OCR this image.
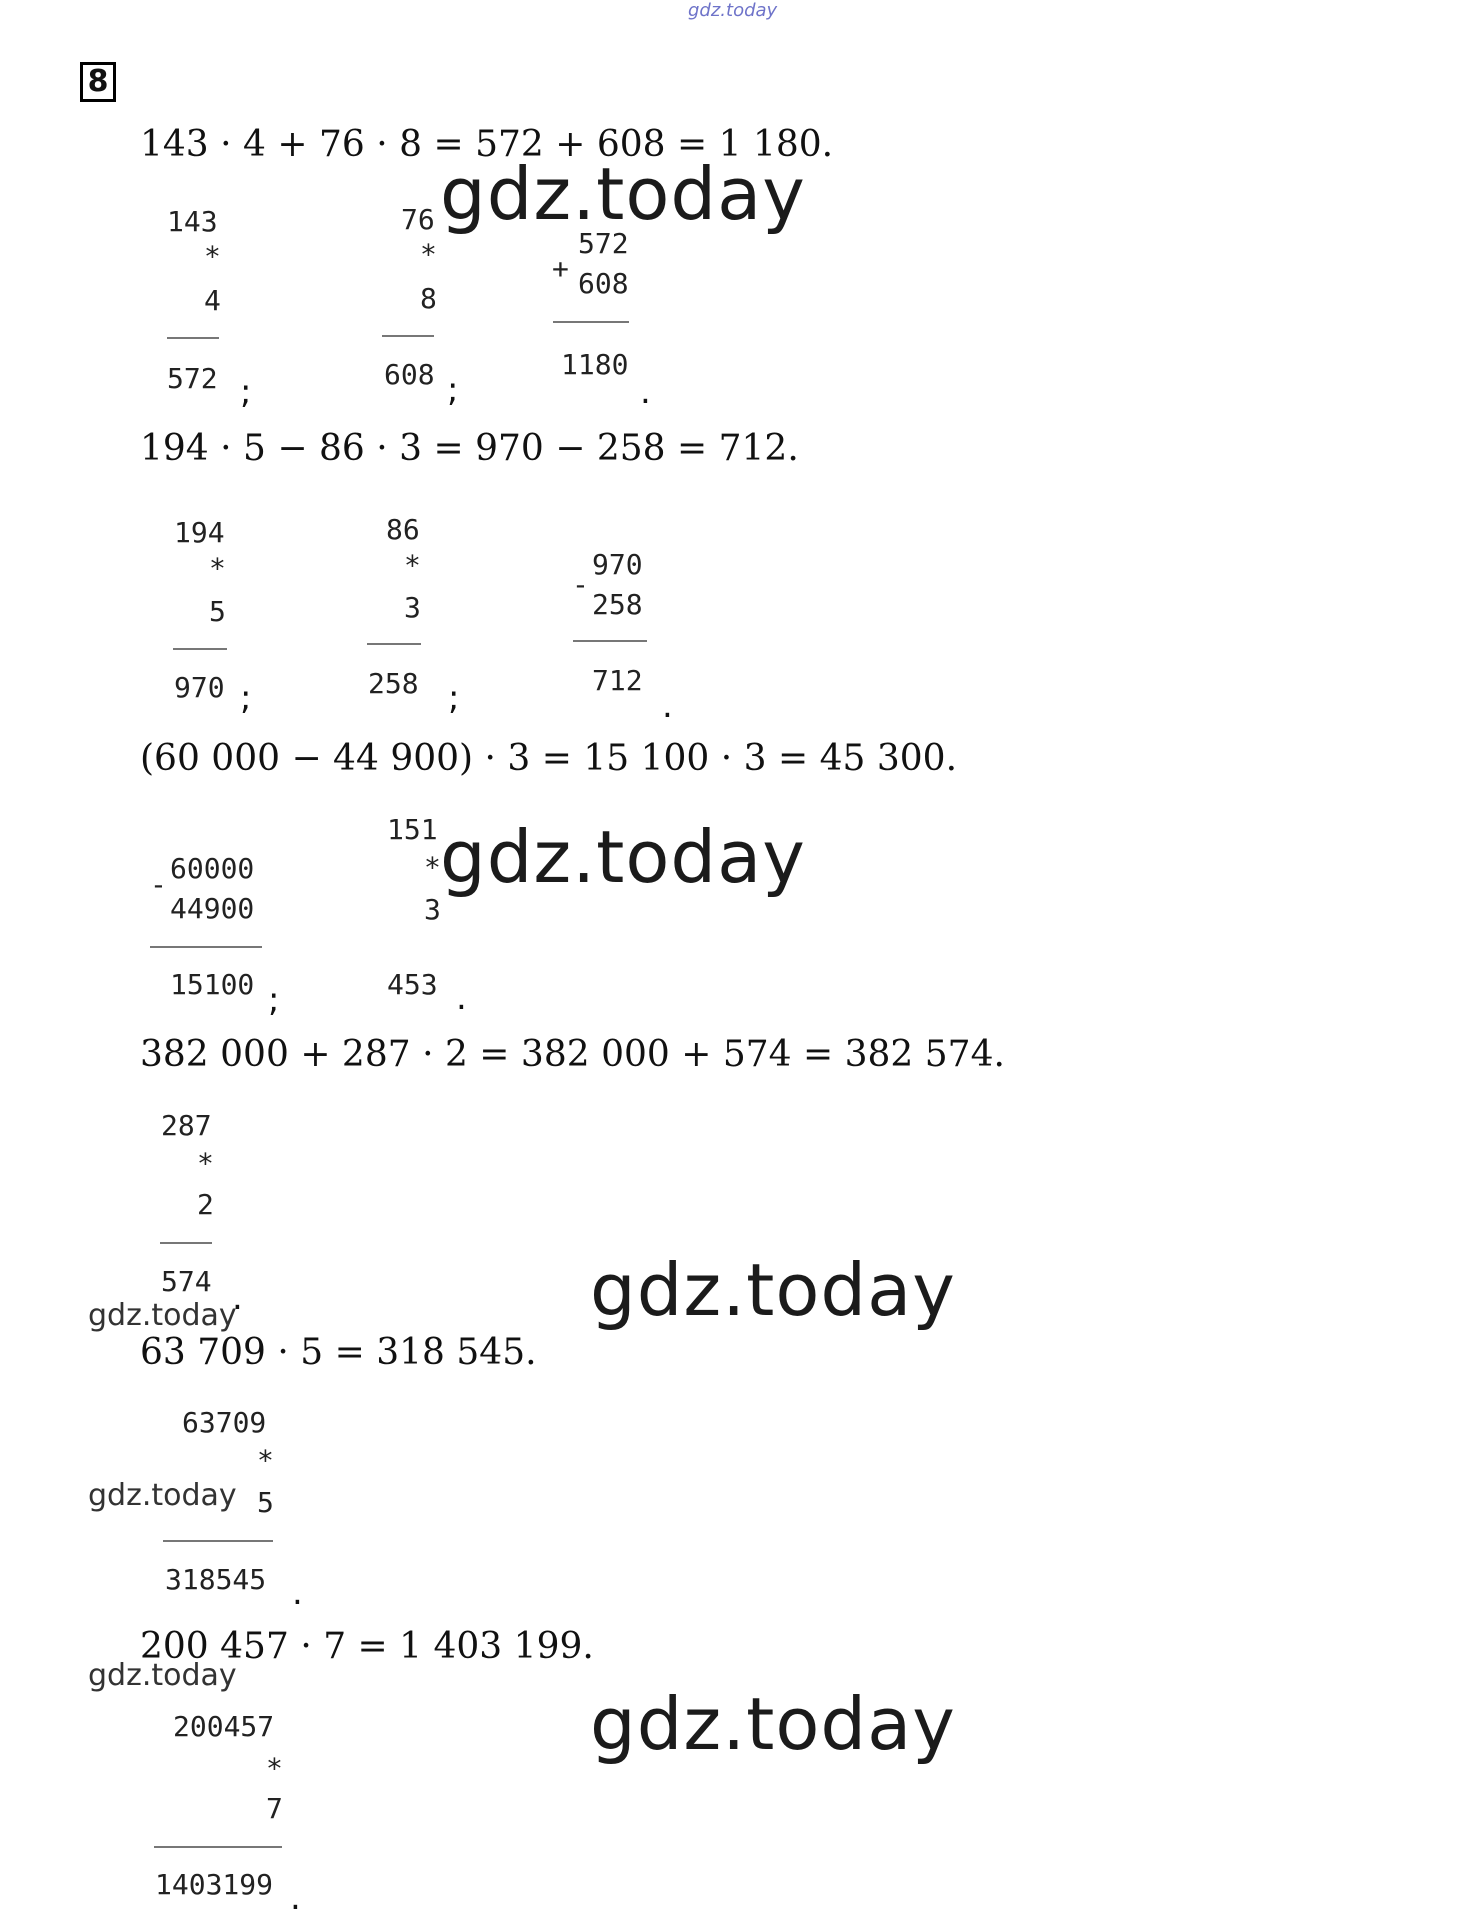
gdz.today
8
143 · 4 + 76 · 8 = 572 + 608 = 1 180.
143
*
4
572 ;
76
*
8
608 ;
+
572
608
1180
.
194 · 5 − 86 · 3 = 970 − 258 = 712.
194
*
5
970 ;
86
*
3
258 ;
-
970
258
712
.
(60 000 − 44 900) · 3 = 15 100 · 3 = 45 300.
- 60000
44900
15100 ;
151
*
3
453 .
382 000 + 287 · 2 = 382 000 + 574 = 382 574.
287
*
2
574 .
63 709 · 5 = 318 545.
63709
*
5
318545 .
200 457 · 7 = 1 403 199.
200457
*
7
1403199 .
gdz.today
gdz.today
gdz.today
gdz.today
gdz.today
gdz.today
gdz.today
